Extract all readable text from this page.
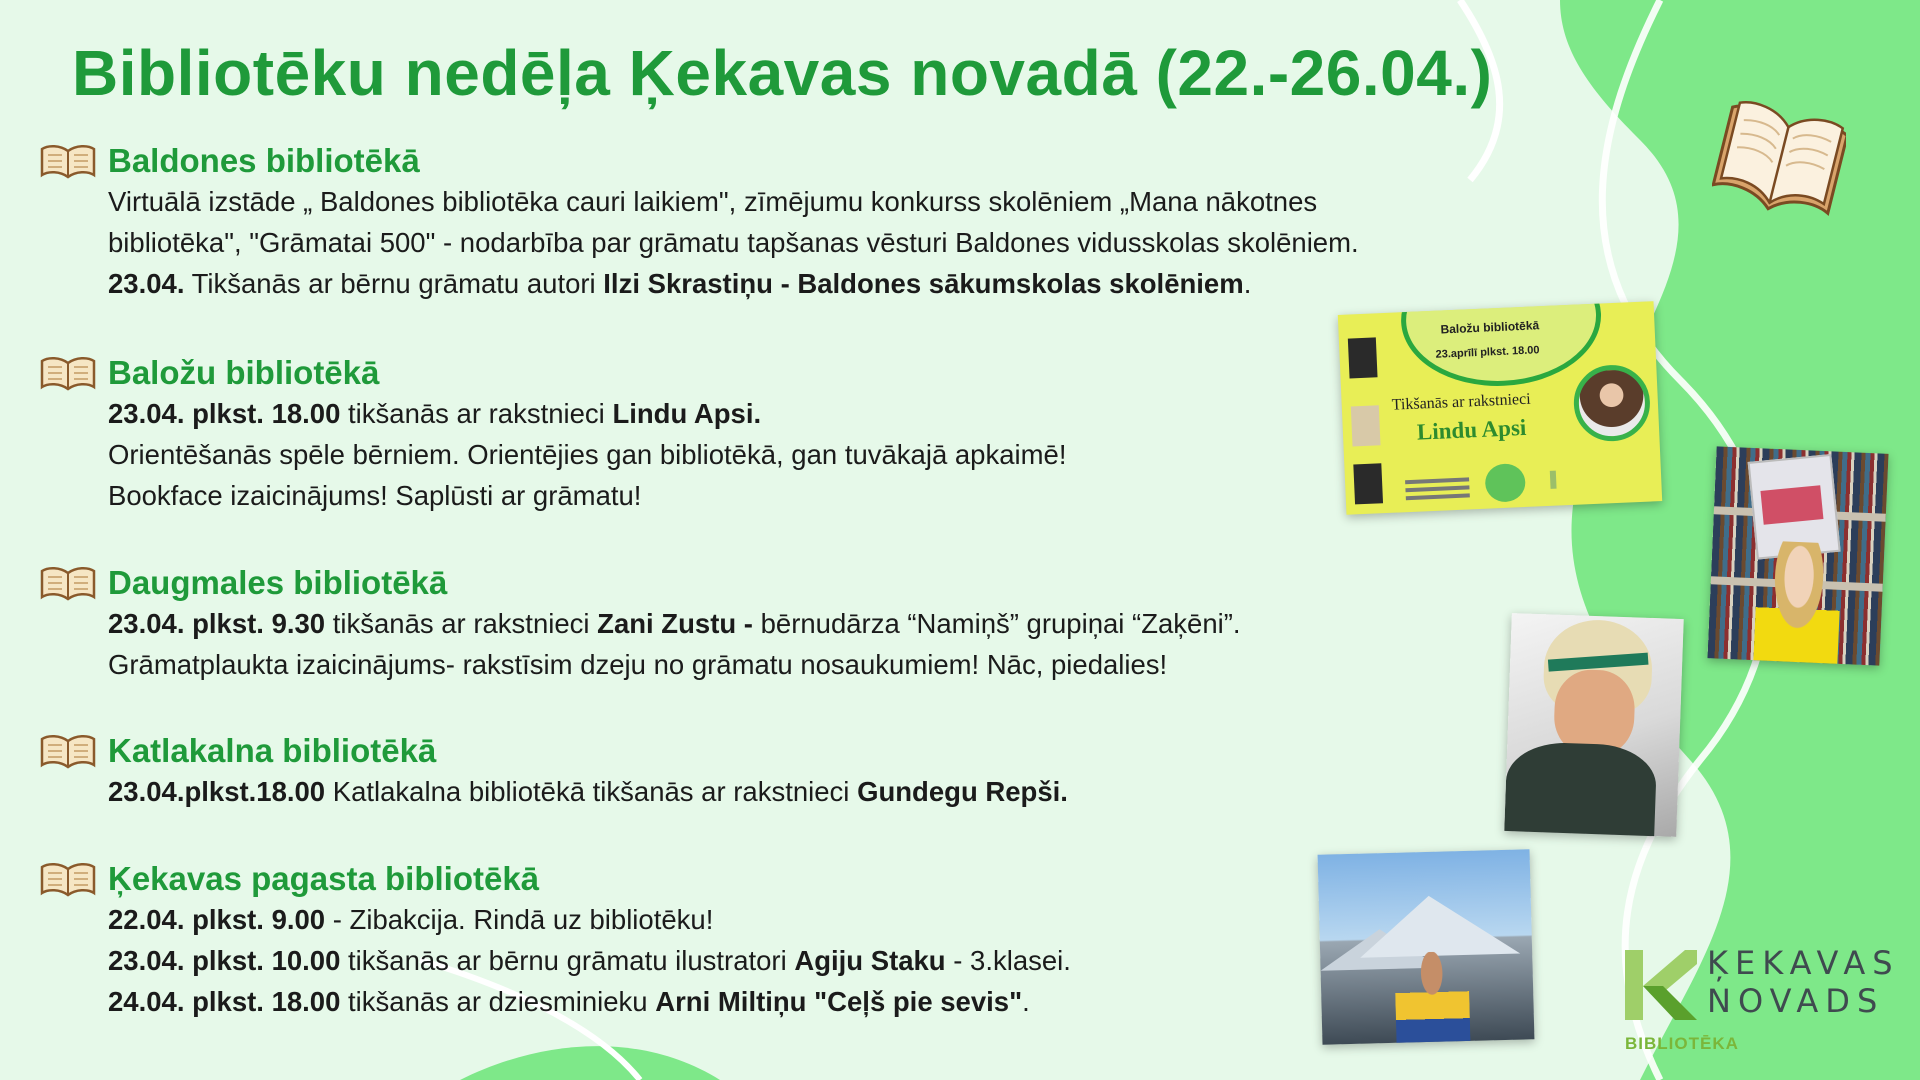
Bibliotēku nedēļa Ķekavas novadā (22.-26.04.)
Baldones bibliotēkā
Virtuālā izstāde „ Baldones bibliotēka cauri laikiem", zīmējumu konkurss skolēniem „Mana nākotnes
bibliotēka", "Grāmatai 500" - nodarbība par grāmatu tapšanas vēsturi Baldones vidusskolas skolēniem.
23.04. Tikšanās ar bērnu grāmatu autori Ilzi Skrastiņu - Baldones sākumskolas skolēniem.
Baložu bibliotēkā
23.04. plkst. 18.00 tikšanās ar rakstnieci Lindu Apsi.
Orientēšanās spēle bērniem. Orientējies gan bibliotēkā, gan tuvākajā apkaimē!
Bookface izaicinājums! Saplūsti ar grāmatu!
Daugmales bibliotēkā
23.04. plkst. 9.30 tikšanās ar rakstnieci Zani Zustu - bērnudārza “Namiņš” grupiņai “Zaķēni”.
Grāmatplaukta izaicinājums- rakstīsim dzeju no grāmatu nosaukumiem! Nāc, piedalies!
Katlakalna bibliotēkā
23.04.plkst.18.00 Katlakalna bibliotēkā tikšanās ar rakstnieci Gundegu Repši.
Ķekavas pagasta bibliotēkā
22.04. plkst. 9.00 - Zibakcija. Rindā uz bibliotēku!
23.04. plkst. 10.00 tikšanās ar bērnu grāmatu ilustratori Agiju Staku - 3.klasei.
24.04. plkst. 18.00 tikšanās ar dziesminieku Arni Miltiņu "Ceļš pie sevis".
Baložu bibliotēkā
23.aprīlī plkst. 18.00
Tikšanās ar rakstnieci
Lindu Apsi
ĶEKAVAS
NOVADS
BIBLIOTĒKA
